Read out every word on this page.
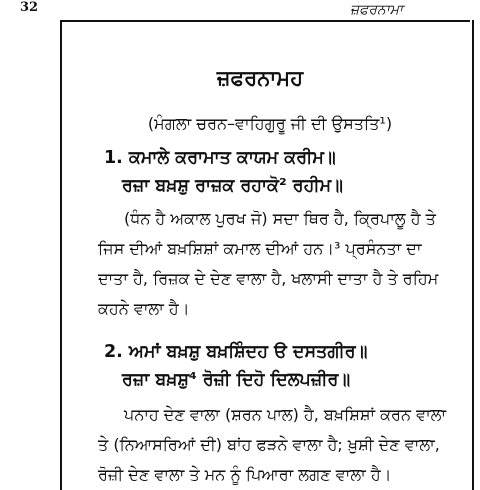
32	ਜ਼ਫਰਨਾਮਾ
ਜ਼ਫਰਨਾਮਹ
(ਮੰਗਲਾ ਚਰਨ–ਵਾਹਿਗੁਰੂ ਜੀ ਦੀ ਉਸਤਤਿ¹)
1. ਕਮਾਲੇ ਕਰਾਮਾਤ ਕਾਯਮ ਕਰੀਮ॥
ਰਜ਼ਾ ਬਖ਼ਸ਼ੁ ਰਾਜ਼ਕ ਰਹਾਕੋ² ਰਹੀਮ॥

(ਧੰਨ ਹੈ ਅਕਾਲ ਪੁਰਖ ਜੋ) ਸਦਾ ਥਿਰ ਹੈ, ਕ੍ਰਿਪਾਲੂ ਹੈ ਤੇ ਜਿਸ ਦੀਆਂ ਬਖ਼ਸ਼ਿਸ਼ਾਂ ਕਮਾਲ ਦੀਆਂ ਹਨ।³ ਪ੍ਰਸੰਨਤਾ ਦਾ ਦਾਤਾ ਹੈ, ਰਿਜ਼ਕ ਦੇ ਦੇਣ ਵਾਲਾ ਹੈ, ਖਲਾਸੀ ਦਾਤਾ ਹੈ ਤੇ ਰਹਿਮ ਕਹਨੇ ਵਾਲਾ ਹੈ।

2. ਅਮਾਂ ਬਖ਼ਸ਼ੁ ਬਖ਼ਸ਼ਿੰਦਹ ੳ ਦਸਤਗੀਰ॥
ਰਜ਼ਾ ਬਖ਼ਸ਼ੁ⁴ ਰੋਜ਼ੀ ਦਿਹੋ ਦਿਲਪਜ਼ੀਰ॥

ਪਨਾਹ ਦੇਣ ਵਾਲਾ (ਸ਼ਰਨ ਪਾਲ) ਹੈ, ਬਖ਼ਸ਼ਿਸ਼ਾਂ ਕਰਨ ਵਾਲਾ ਤੇ (ਨਿਆਸਰਿਆਂ ਦੀ) ਬਾਂਹ ਫੜਨੇ ਵਾਲਾ ਹੈ; ਖ਼ੁਸ਼ੀ ਦੇਣ ਵਾਲਾ, ਰੋਜ਼ੀ ਦੇਣ ਵਾਲਾ ਤੇ ਮਨ ਨੂੰ ਪਿਆਰਾ ਲਗਣ ਵਾਲਾ ਹੈ।
